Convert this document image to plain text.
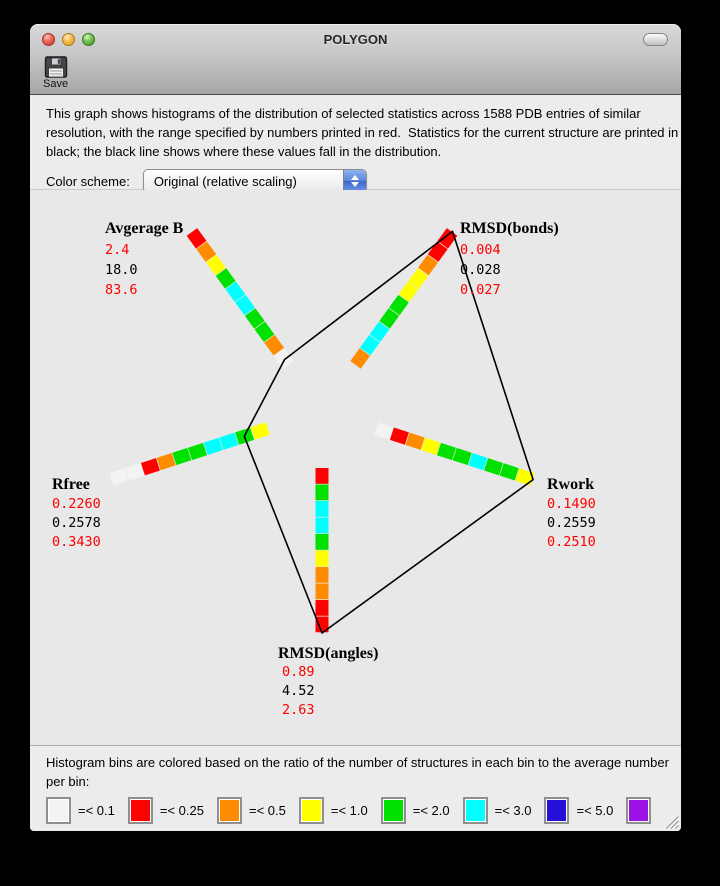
POLYGON
Save

This graph shows histograms of the distribution of selected statistics across 1588 PDB entries of similar resolution, with the range specified by numbers printed in red.  Statistics for the current structure are printed in black; the black line shows where these values fall in the distribution.

Color scheme:	Original (relative scaling)
Avgerage B
2.4
18.0
83.6
RMSD(bonds)
0.004
0.028
0.027
Rwork
0.1490
0.2559
0.2510
RMSD(angles)
0.89
4.52
2.63
Rfree
0.2260
0.2578
0.3430

Histogram bins are colored based on the ratio of the number of structures in each bin to the average number per bin:

=< 0.1	=< 0.25	=< 0.5	=< 1.0	=< 2.0	=< 3.0	=< 5.0
